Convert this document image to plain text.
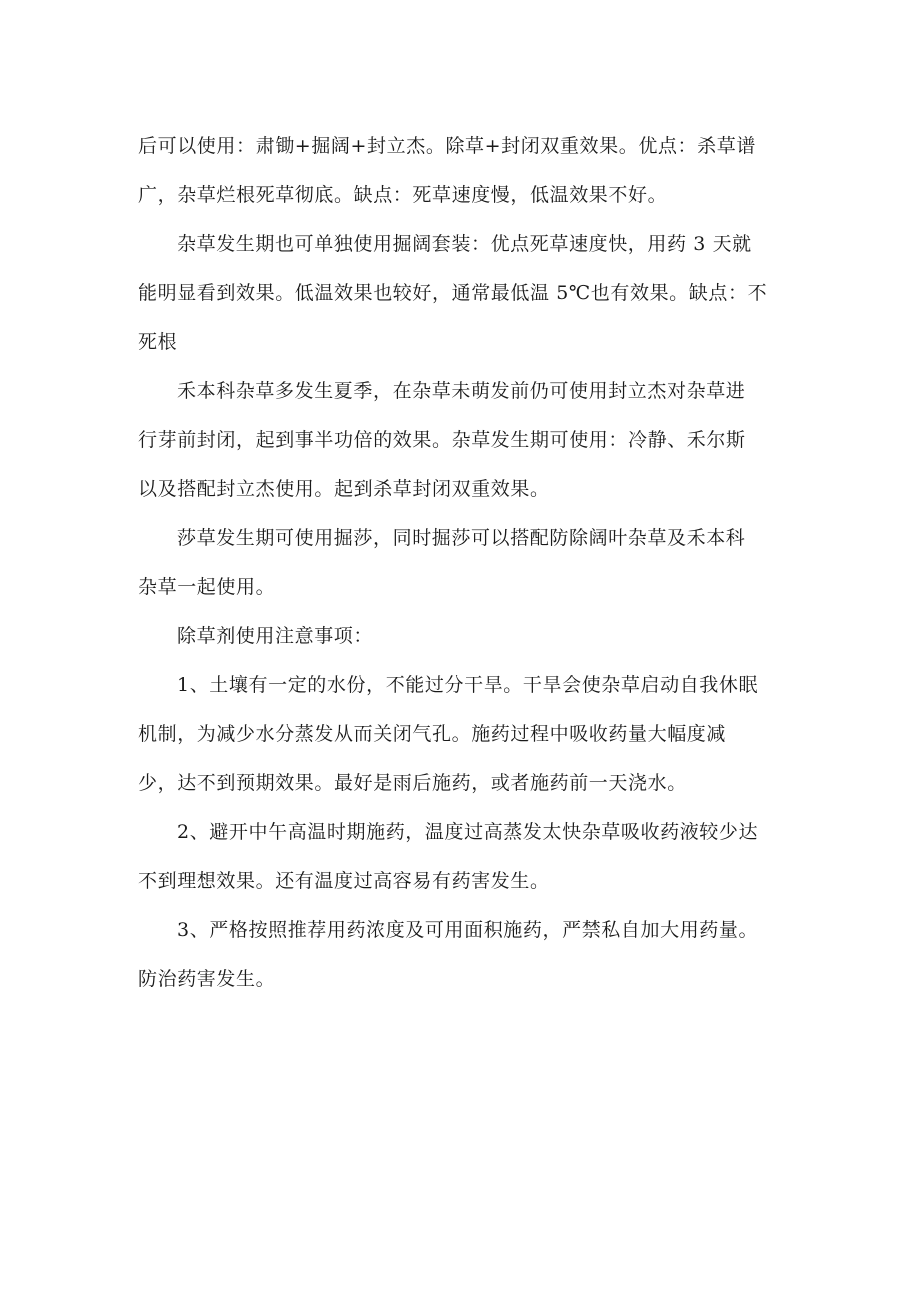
后可以使用：肃锄+掘阔+封立杰。除草+封闭双重效果。优点：杀草谱
广，杂草烂根死草彻底。缺点：死草速度慢，低温效果不好。

杂草发生期也可单独使用掘阔套装：优点死草速度快，用药 3 天就
能明显看到效果。低温效果也较好，通常最低温 5℃也有效果。缺点：不
死根

禾本科杂草多发生夏季，在杂草未萌发前仍可使用封立杰对杂草进
行芽前封闭，起到事半功倍的效果。杂草发生期可使用：冷静、禾尔斯
以及搭配封立杰使用。起到杀草封闭双重效果。

莎草发生期可使用掘莎，同时掘莎可以搭配防除阔叶杂草及禾本科
杂草一起使用。

除草剂使用注意事项：

1、土壤有一定的水份，不能过分干旱。干旱会使杂草启动自我休眠
机制，为减少水分蒸发从而关闭气孔。施药过程中吸收药量大幅度减
少，达不到预期效果。最好是雨后施药，或者施药前一天浇水。

2、避开中午高温时期施药，温度过高蒸发太快杂草吸收药液较少达
不到理想效果。还有温度过高容易有药害发生。

3、严格按照推荐用药浓度及可用面积施药，严禁私自加大用药量。
防治药害发生。
